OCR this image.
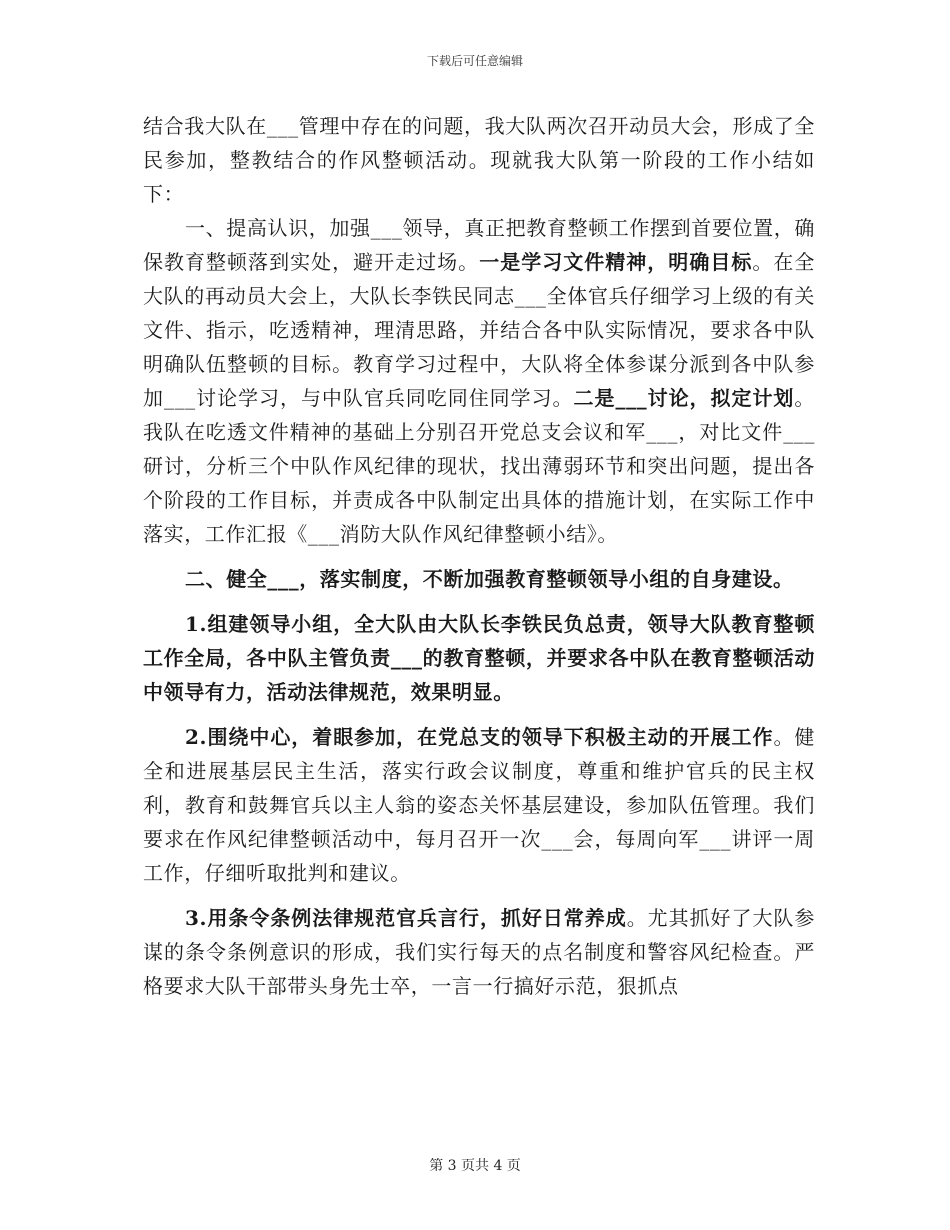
下载后可任意编辑

结合我大队在___管理中存在的问题，我大队两次召开动员大会，形成了全民参加，整教结合的作风整顿活动。现就我大队第一阶段的工作小结如下：

一、提高认识，加强___领导，真正把教育整顿工作摆到首要位置，确保教育整顿落到实处，避开走过场。一是学习文件精神，明确目标。在全大队的再动员大会上，大队长李铁民同志___全体官兵仔细学习上级的有关文件、指示，吃透精神，理清思路，并结合各中队实际情况，要求各中队明确队伍整顿的目标。教育学习过程中，大队将全体参谋分派到各中队参加___讨论学习，与中队官兵同吃同住同学习。二是___讨论，拟定计划。我队在吃透文件精神的基础上分别召开党总支会议和军___，对比文件___研讨，分析三个中队作风纪律的现状，找出薄弱环节和突出问题，提出各个阶段的工作目标，并责成各中队制定出具体的措施计划，在实际工作中落实，工作汇报《___消防大队作风纪律整顿小结》。

二、健全___，落实制度，不断加强教育整顿领导小组的自身建设。

1.组建领导小组，全大队由大队长李铁民负总责，领导大队教育整顿工作全局，各中队主管负责___的教育整顿，并要求各中队在教育整顿活动中领导有力，活动法律规范，效果明显。

2.围绕中心，着眼参加，在党总支的领导下积极主动的开展工作。健全和进展基层民主生活，落实行政会议制度，尊重和维护官兵的民主权利，教育和鼓舞官兵以主人翁的姿态关怀基层建设，参加队伍管理。我们要求在作风纪律整顿活动中，每月召开一次___会，每周向军___讲评一周工作，仔细听取批判和建议。

3.用条令条例法律规范官兵言行，抓好日常养成。尤其抓好了大队参谋的条令条例意识的形成，我们实行每天的点名制度和警容风纪检查。严格要求大队干部带头身先士卒，一言一行搞好示范，狠抓点

第 3 页共 4 页
